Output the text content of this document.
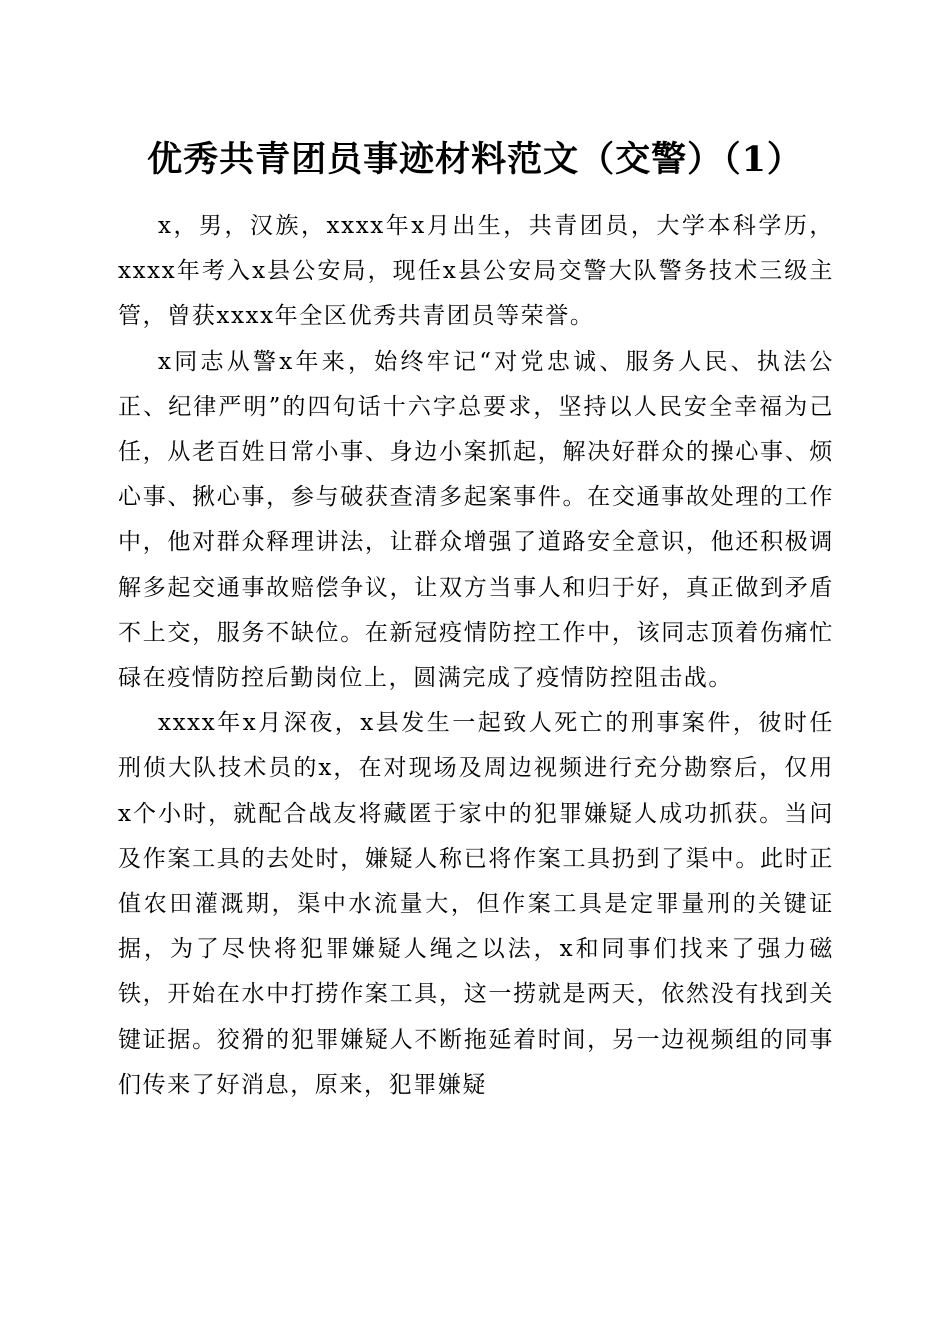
优秀共青团员事迹材料范文（交警）（1）

x，男，汉族，xxxx年x月出生，共青团员，大学本科学历，xxxx年考入x县公安局，现任x县公安局交警大队警务技术三级主管，曾获xxxx年全区优秀共青团员等荣誉。

x同志从警x年来，始终牢记“对党忠诚、服务人民、执法公正、纪律严明”的四句话十六字总要求，坚持以人民安全幸福为己任，从老百姓日常小事、身边小案抓起，解决好群众的操心事、烦心事、揪心事，参与破获查清多起案事件。在交通事故处理的工作中，他对群众释理讲法，让群众增强了道路安全意识，他还积极调解多起交通事故赔偿争议，让双方当事人和归于好，真正做到矛盾不上交，服务不缺位。在新冠疫情防控工作中，该同志顶着伤痛忙碌在疫情防控后勤岗位上，圆满完成了疫情防控阻击战。

xxxx年x月深夜，x县发生一起致人死亡的刑事案件，彼时任刑侦大队技术员的x，在对现场及周边视频进行充分勘察后，仅用x个小时，就配合战友将藏匿于家中的犯罪嫌疑人成功抓获。当问及作案工具的去处时，嫌疑人称已将作案工具扔到了渠中。此时正值农田灌溉期，渠中水流量大，但作案工具是定罪量刑的关键证据，为了尽快将犯罪嫌疑人绳之以法，x和同事们找来了强力磁铁，开始在水中打捞作案工具，这一捞就是两天，依然没有找到关键证据。狡猾的犯罪嫌疑人不断拖延着时间，另一边视频组的同事们传来了好消息，原来，犯罪嫌疑
